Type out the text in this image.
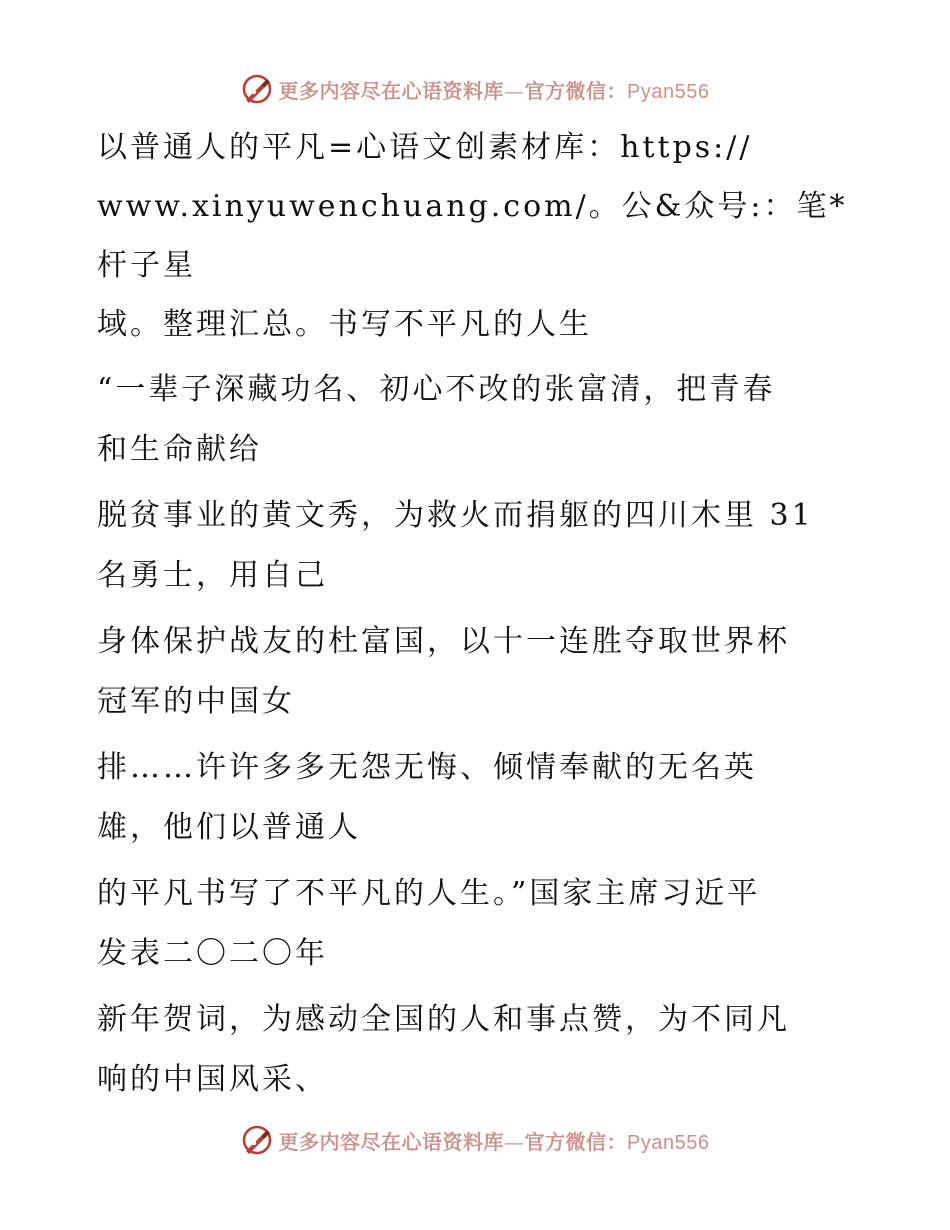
更多内容尽在心语资料库—官方微信：Pyan556

以普通人的平凡=心语文创素材库：https://
www.xinyuwenchuang.com/。公&众号:：笔*杆子星
域。整理汇总。书写不平凡的人生

“一辈子深藏功名、初心不改的张富清，把青春
和生命献给

脱贫事业的黄文秀，为救火而捐躯的四川木里 31
名勇士，用自己

身体保护战友的杜富国，以十一连胜夺取世界杯
冠军的中国女

排……许许多多无怨无悔、倾情奉献的无名英
雄，他们以普通人

的平凡书写了不平凡的人生。”国家主席习近平
发表二〇二〇年

新年贺词，为感动全国的人和事点赞，为不同凡
响的中国风采、

更多内容尽在心语资料库—官方微信：Pyan556
